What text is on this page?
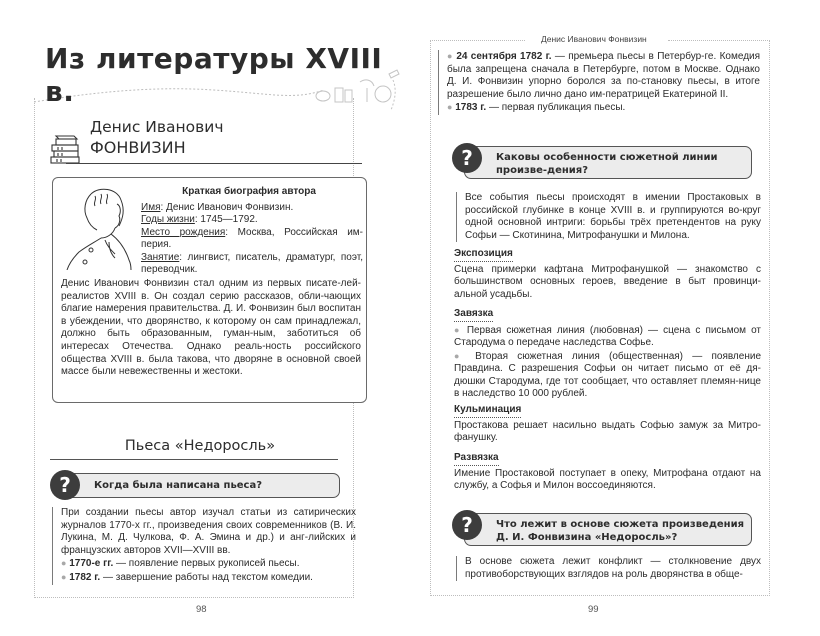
Из литературы XVIII в.
Денис Иванович
ФОНВИЗИН
Краткая биография автора
Имя: Денис Иванович Фонвизин.
Годы жизни: 1745—1792.
Место рождения: Москва, Российская им-перия.
Занятие: лингвист, писатель, драматург, поэт, переводчик.
Денис Иванович Фонвизин стал одним из первых писате-лей-реалистов XVIII в. Он создал серию рассказов, обли-чающих благие намерения правительства. Д. И. Фонвизин был воспитан в убеждении, что дворянство, к которому он сам принадлежал, должно быть образованным, гуман-ным, заботиться об интересах Отечества. Однако реаль-ность российского общества XVIII в. была такова, что дворяне в основной своей массе были невежественны и жестоки.
Пьеса «Недоросль»
?	Когда была написана пьеса?
При создании пьесы автор изучал статьи из сатирических журналов 1770-х гг., произведения своих современников (В. И. Лукина, М. Д. Чулкова, Ф. А. Эмина и др.) и анг-лийских и французских авторов XVII—XVIII вв.
● 1770-е гг. — появление первых рукописей пьесы.
● 1782 г. — завершение работы над текстом комедии.
98
Денис Иванович Фонвизин
● 24 сентября 1782 г. — премьера пьесы в Петербур-ге. Комедия была запрещена сначала в Петербурге, потом в Москве. Однако Д. И. Фонвизин упорно боролся за по-становку пьесы, в итоге разрешение было лично дано им-ператрицей Екатериной II.
● 1783 г. — первая публикация пьесы.
?	Каковы особенности сюжетной линии произве-дения?
Все события пьесы происходят в имении Простаковых в российской глубинке в конце XVIII в. и группируются во-круг одной основной интриги: борьбы трёх претендентов на руку Софьи — Скотинина, Митрофанушки и Милона.
Экспозиция
Сцена примерки кафтана Митрофанушкой — знакомство с большинством основных героев, введение в быт провинци-альной усадьбы.
Завязка
● Первая сюжетная линия (любовная) — сцена с письмом от Стародума о передаче наследства Софье.
● Вторая сюжетная линия (общественная) — появление Правдина. С разрешения Софьи он читает письмо от её дя-дюшки Стародума, где тот сообщает, что оставляет племян-нице в наследство 10 000 рублей.
Кульминация
Простакова решает насильно выдать Софью замуж за Митро-фанушку.
Развязка
Имение Простаковой поступает в опеку, Митрофана отдают на службу, а Софья и Милон воссоединяются.
?	Что лежит в основе сюжета произведения
Д. И. Фонвизина «Недоросль»?
В основе сюжета лежит конфликт — столкновение двух противоборствующих взглядов на роль дворянства в обще-
99
